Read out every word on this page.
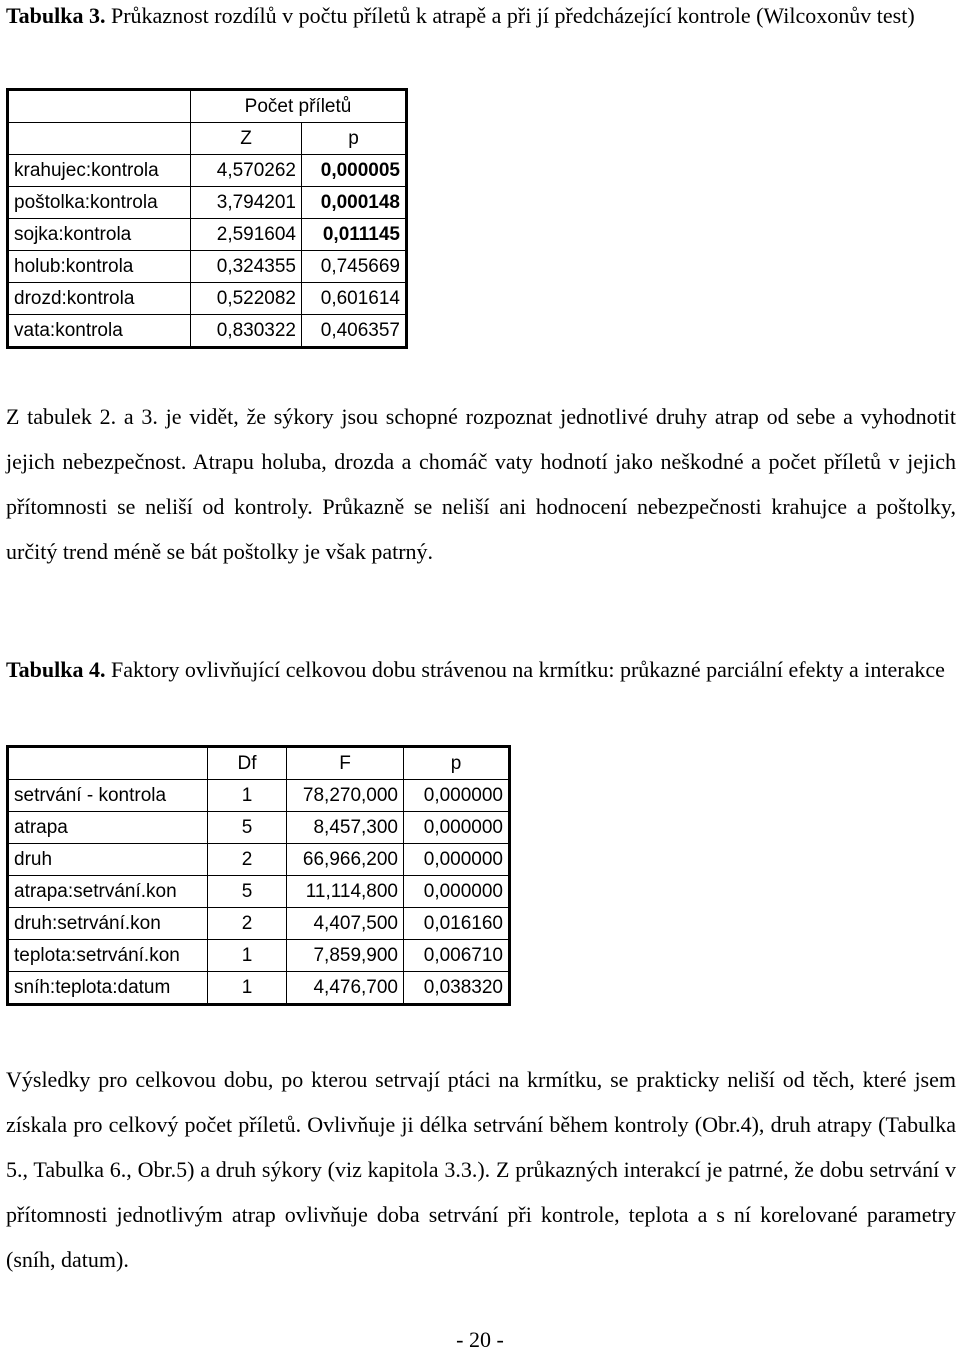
Tabulka 3. Průkaznost rozdílů v počtu příletů k atrapě a při jí předcházející kontrole (Wilcoxonův test)
	Počet příletů	
	Z	p
krahujec:kontrola	4,570262	0,000005
poštolka:kontrola	3,794201	0,000148
sojka:kontrola	2,591604	0,011145
holub:kontrola	0,324355	0,745669
drozd:kontrola	0,522082	0,601614
vata:kontrola	0,830322	0,406357
Z tabulek 2. a 3. je vidět, že sýkory jsou schopné rozpoznat jednotlivé druhy atrap od sebe a vyhodnotit jejich nebezpečnost. Atrapu holuba, drozda a chomáč vaty hodnotí jako neškodné a počet příletů v jejich přítomnosti se neliší od kontroly. Průkazně se neliší ani hodnocení nebezpečnosti krahujce a poštolky, určitý trend méně se bát poštolky je však patrný.
Tabulka 4. Faktory ovlivňující celkovou dobu strávenou na krmítku: průkazné parciální efekty a interakce
	Df	F	p
setrvání - kontrola	1	78,270,000	0,000000
atrapa	5	8,457,300	0,000000
druh	2	66,966,200	0,000000
atrapa:setrvání.kon	5	11,114,800	0,000000
druh:setrvání.kon	2	4,407,500	0,016160
teplota:setrvání.kon	1	7,859,900	0,006710
sníh:teplota:datum	1	4,476,700	0,038320
Výsledky pro celkovou dobu, po kterou setrvají ptáci na krmítku, se prakticky neliší od těch, které jsem získala pro celkový počet příletů. Ovlivňuje ji délka setrvání během kontroly (Obr.4), druh atrapy (Tabulka 5., Tabulka 6., Obr.5) a druh sýkory (viz kapitola 3.3.). Z průkazných interakcí je patrné, že dobu setrvání v přítomnosti jednotlivým atrap ovlivňuje doba setrvání při kontrole, teplota a s ní korelované parametry (sníh, datum).
- 20 -
